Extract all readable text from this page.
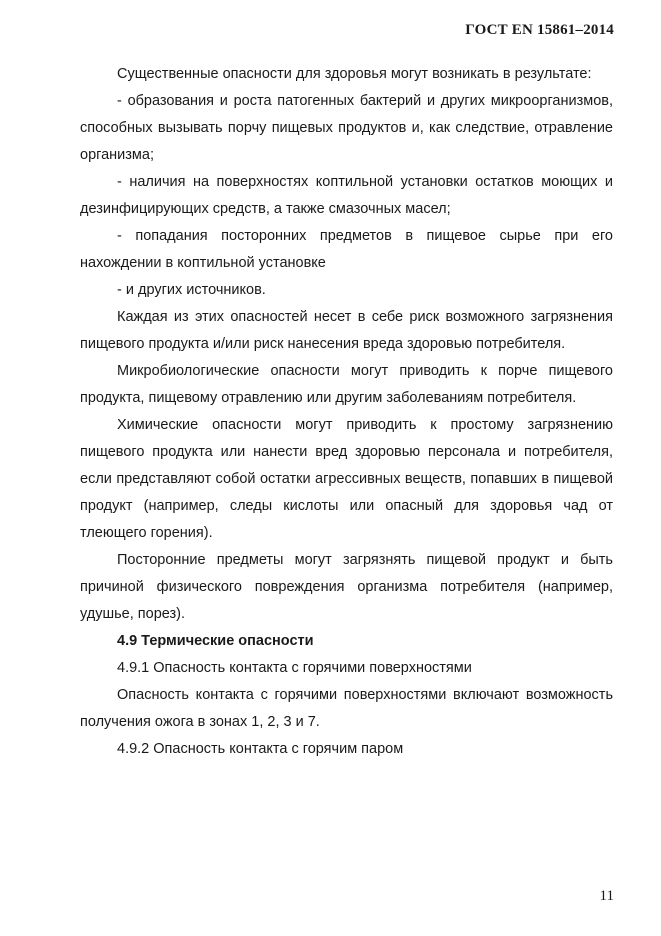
ГОСТ EN 15861–2014

Существенные опасности для здоровья могут возникать в результате:

- образования и роста патогенных бактерий и других микроорганизмов, способных вызывать порчу пищевых продуктов и, как следствие, отравление организма;

- наличия на поверхностях коптильной установки остатков моющих и дезинфицирующих средств, а также смазочных масел;

- попадания посторонних предметов в пищевое сырье при его нахождении в коптильной установке

- и других источников.

Каждая из этих опасностей несет в себе риск возможного загрязнения пищевого продукта и/или риск нанесения вреда здоровью потребителя.

Микробиологические опасности могут приводить к порче пищевого продукта, пищевому отравлению или другим заболеваниям потребителя.

Химические опасности могут приводить к простому загрязнению пищевого продукта или нанести вред здоровью персонала и потребителя, если представляют собой остатки агрессивных веществ, попавших в пищевой продукт (например, следы кислоты или опасный для здоровья чад от тлеющего горения).

Посторонние предметы могут загрязнять пищевой продукт и быть причиной физического повреждения организма потребителя (например, удушье, порез).

4.9 Термические опасности

4.9.1 Опасность контакта с горячими поверхностями

Опасность контакта с горячими поверхностями включают возможность получения ожога в зонах 1, 2, 3 и 7.

4.9.2 Опасность контакта с горячим паром

11
